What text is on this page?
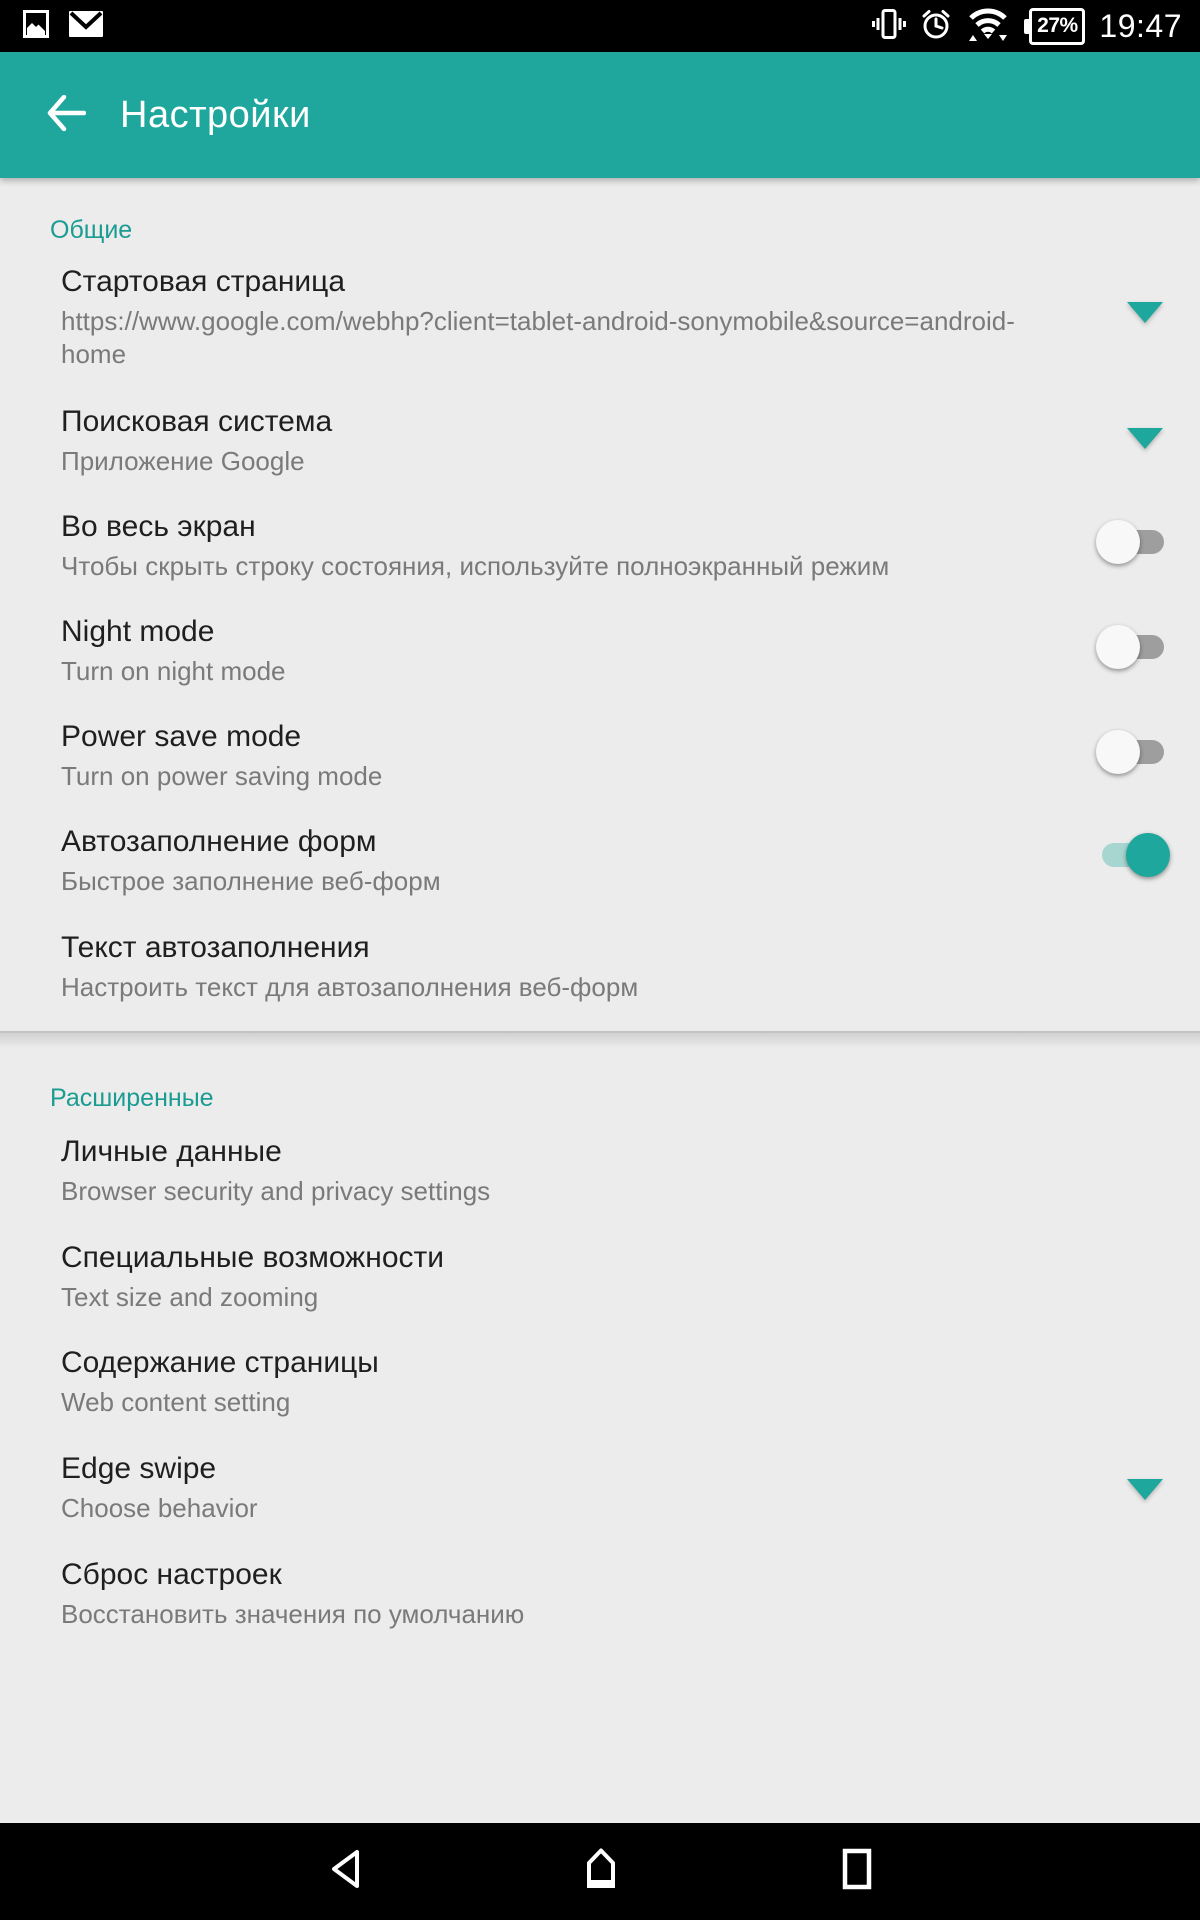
27% 19:47
Настройки
Общие
Стартовая страница
https://www.google.com/webhp?client=tablet-android-sonymobile&source=android-
home
Поисковая система
Приложение Google
Во весь экран
Чтобы скрыть строку состояния, используйте полноэкранный режим
Night mode
Turn on night mode
Power save mode
Turn on power saving mode
Автозаполнение форм
Быстрое заполнение веб-форм
Текст автозаполнения
Настроить текст для автозаполнения веб-форм
Расширенные
Личные данные
Browser security and privacy settings
Специальные возможности
Text size and zooming
Содержание страницы
Web content setting
Edge swipe
Choose behavior
Сброс настроек
Восстановить значения по умолчанию
